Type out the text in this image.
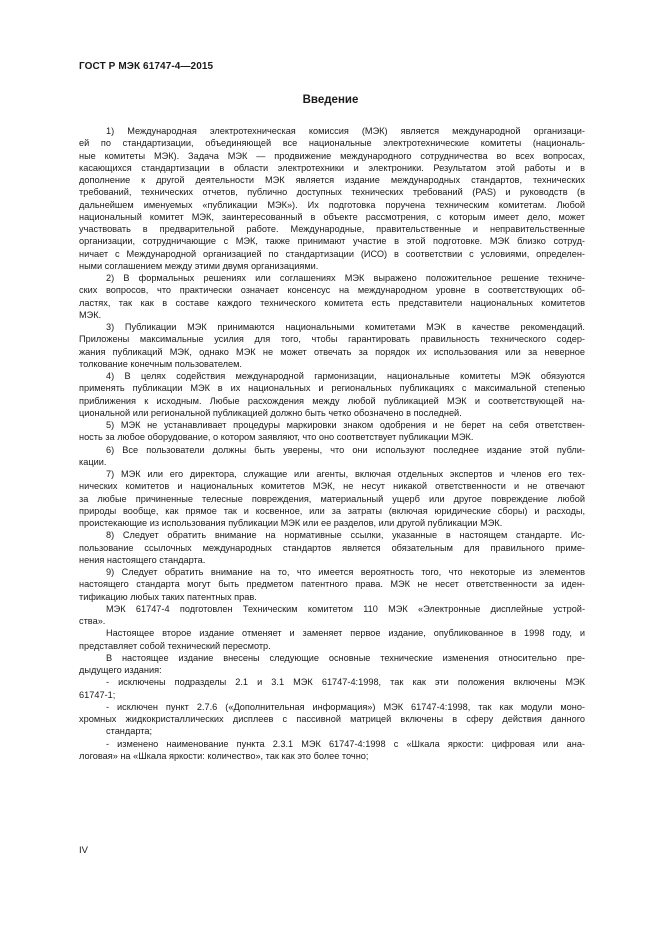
ГОСТ Р МЭК 61747-4—2015
Введение
1) Международная электротехническая комиссия (МЭК) является международной организаци-
ей по стандартизации, объединяющей все национальные электротехнические комитеты (националь-
ные комитеты МЭК). Задача МЭК — продвижение международного сотрудничества во всех вопросах,
касающихся стандартизации в области электротехники и электроники. Результатом этой работы и в
дополнение к другой деятельности МЭК является издание международных стандартов, технических
требований, технических отчетов, публично доступных технических требований (PAS) и руководств (в
дальнейшем именуемых «публикации МЭК»). Их подготовка поручена техническим комитетам. Любой
национальный комитет МЭК, заинтересованный в объекте рассмотрения, с которым имеет дело, может
участвовать в предварительной работе. Международные, правительственные и неправительственные
организации, сотрудничающие с МЭК, также принимают участие в этой подготовке. МЭК близко сотруд-
ничает с Международной организацией по стандартизации (ИСО) в соответствии с условиями, определен-
ными соглашением между этими двумя организациями.
2) В формальных решениях или соглашениях МЭК выражено положительное решение техниче-
ских вопросов, что практически означает консенсус на международном уровне в соответствующих об-
ластях, так как в составе каждого технического комитета есть представители национальных комитетов
МЭК.
3) Публикации МЭК принимаются национальными комитетами МЭК в качестве рекомендаций.
Приложены максимальные усилия для того, чтобы гарантировать правильность технического содер-
жания публикаций МЭК, однако МЭК не может отвечать за порядок их использования или за неверное
толкование конечным пользователем.
4) В целях содействия международной гармонизации, национальные комитеты МЭК обязуются
применять публикации МЭК в их национальных и региональных публикациях с максимальной степенью
приближения к исходным. Любые расхождения между любой публикацией МЭК и соответствующей на-
циональной или региональной публикацией должно быть четко обозначено в последней.
5) МЭК не устанавливает процедуры маркировки знаком одобрения и не берет на себя ответствен-
ность за любое оборудование, о котором заявляют, что оно соответствует публикации МЭК.
6) Все пользователи должны быть уверены, что они используют последнее издание этой публи-
кации.
7) МЭК или его директора, служащие или агенты, включая отдельных экспертов и членов его тех-
нических комитетов и национальных комитетов МЭК, не несут никакой ответственности и не отвечают
за любые причиненные телесные повреждения, материальный ущерб или другое повреждение любой
природы вообще, как прямое так и косвенное, или за затраты (включая юридические сборы) и расходы,
проистекающие из использования публикации МЭК или ее разделов, или другой публикации МЭК.
8) Следует обратить внимание на нормативные ссылки, указанные в настоящем стандарте. Ис-
пользование ссылочных международных стандартов является обязательным для правильного приме-
нения настоящего стандарта.
9) Следует обратить внимание на то, что имеется вероятность того, что некоторые из элементов
настоящего стандарта могут быть предметом патентного права. МЭК не несет ответственности за иден-
тификацию любых таких патентных прав.
МЭК 61747-4 подготовлен Техническим комитетом 110 МЭК «Электронные дисплейные устрой-
ства».
Настоящее второе издание отменяет и заменяет первое издание, опубликованное в 1998 году, и
представляет собой технический пересмотр.
В настоящее издание внесены следующие основные технические изменения относительно пре-
дыдущего издания:
- исключены подразделы 2.1 и 3.1 МЭК 61747-4:1998, так как эти положения включены МЭК
61747-1;
- исключен пункт 2.7.6 («Дополнительная информация») МЭК 61747-4:1998, так как модули моно-
хромных жидкокристаллических дисплеев с пассивной матрицей включены в сферу действия данного
стандарта;
- изменено наименование пункта 2.3.1 МЭК 61747-4:1998 с «Шкала яркости: цифровая или ана-
логовая» на «Шкала яркости: количество», так как это более точно;
IV
